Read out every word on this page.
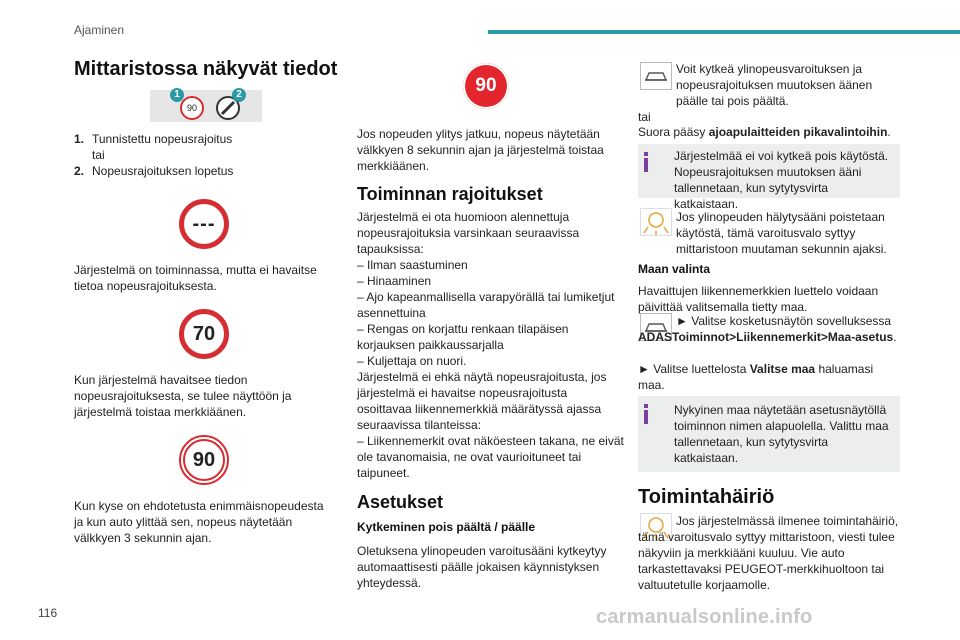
Ajaminen
Mittaristossa näkyvät tiedot
1
90
2
1. Tunnistettu nopeusrajoitus
tai
2. Nopeusrajoituksen lopetus
---
Järjestelmä on toiminnassa, mutta ei havaitse tietoa nopeusrajoituksesta.
70
Kun järjestelmä havaitsee tiedon nopeusrajoituksesta, se tulee näyttöön ja järjestelmä toistaa merkkiäänen.
90
Kun kyse on ehdotetusta enimmäisnopeudesta ja kun auto ylittää sen, nopeus näytetään välkkyen 3 sekunnin ajan.
90
Jos nopeuden ylitys jatkuu, nopeus näytetään välkkyen 8 sekunnin ajan ja järjestelmä toistaa merkkiäänen.
Toiminnan rajoitukset
Järjestelmä ei ota huomioon alennettuja nopeusrajoituksia varsinkaan seuraavissa tapauksissa:
– Ilman saastuminen
– Hinaaminen
– Ajo kapeanmallisella varapyörällä tai lumiketjut asennettuina
– Rengas on korjattu renkaan tilapäisen korjauksen paikkaussarjalla
– Kuljettaja on nuori.
Järjestelmä ei ehkä näytä nopeusrajoitusta, jos järjestelmä ei havaitse nopeusrajoitusta osoittavaa liikennemerkkiä määrätyssä ajassa seuraavissa tilanteissa:
– Liikennemerkit ovat näköesteen takana, ne eivät ole tavanomaisia, ne ovat vaurioituneet tai taipuneet.
Asetukset
Kytkeminen pois päältä / päälle
Oletuksena ylinopeuden varoitusääni kytkeytyy automaattisesti päälle jokaisen käynnistyksen yhteydessä.
Voit kytkeä ylinopeusvaroituksen ja nopeusrajoituksen muutoksen äänen päälle tai pois päältä.
tai
Suora pääsy ajoapulaitteiden pikavalintoihin.
Järjestelmää ei voi kytkeä pois käytöstä. Nopeusrajoituksen muutoksen ääni tallennetaan, kun sytytysvirta katkaistaan.
Jos ylinopeuden hälytysääni poistetaan käytöstä, tämä varoitusvalo syttyy mittaristoon muutaman sekunnin ajaksi.
Maan valinta
Havaittujen liikennemerkkien luettelo voidaan päivittää valitsemalla tietty maa.
► Valitse kosketusnäytön sovelluksessa ADASToiminnot>Liikennemerkit>Maa-asetus.
► Valitse luettelosta Valitse maa haluamasi maa.
Nykyinen maa näytetään asetusnäytöllä toiminnon nimen alapuolella. Valittu maa tallennetaan, kun sytytysvirta katkaistaan.
Toimintahäiriö
Jos järjestelmässä ilmenee toimintahäiriö, tämä varoitusvalo syttyy mittaristoon, viesti tulee näkyviin ja merkkiääni kuuluu. Vie auto tarkastettavaksi PEUGEOT-merkkihuoltoon tai valtuutetulle korjaamolle.
116	carmanualsonline.info
